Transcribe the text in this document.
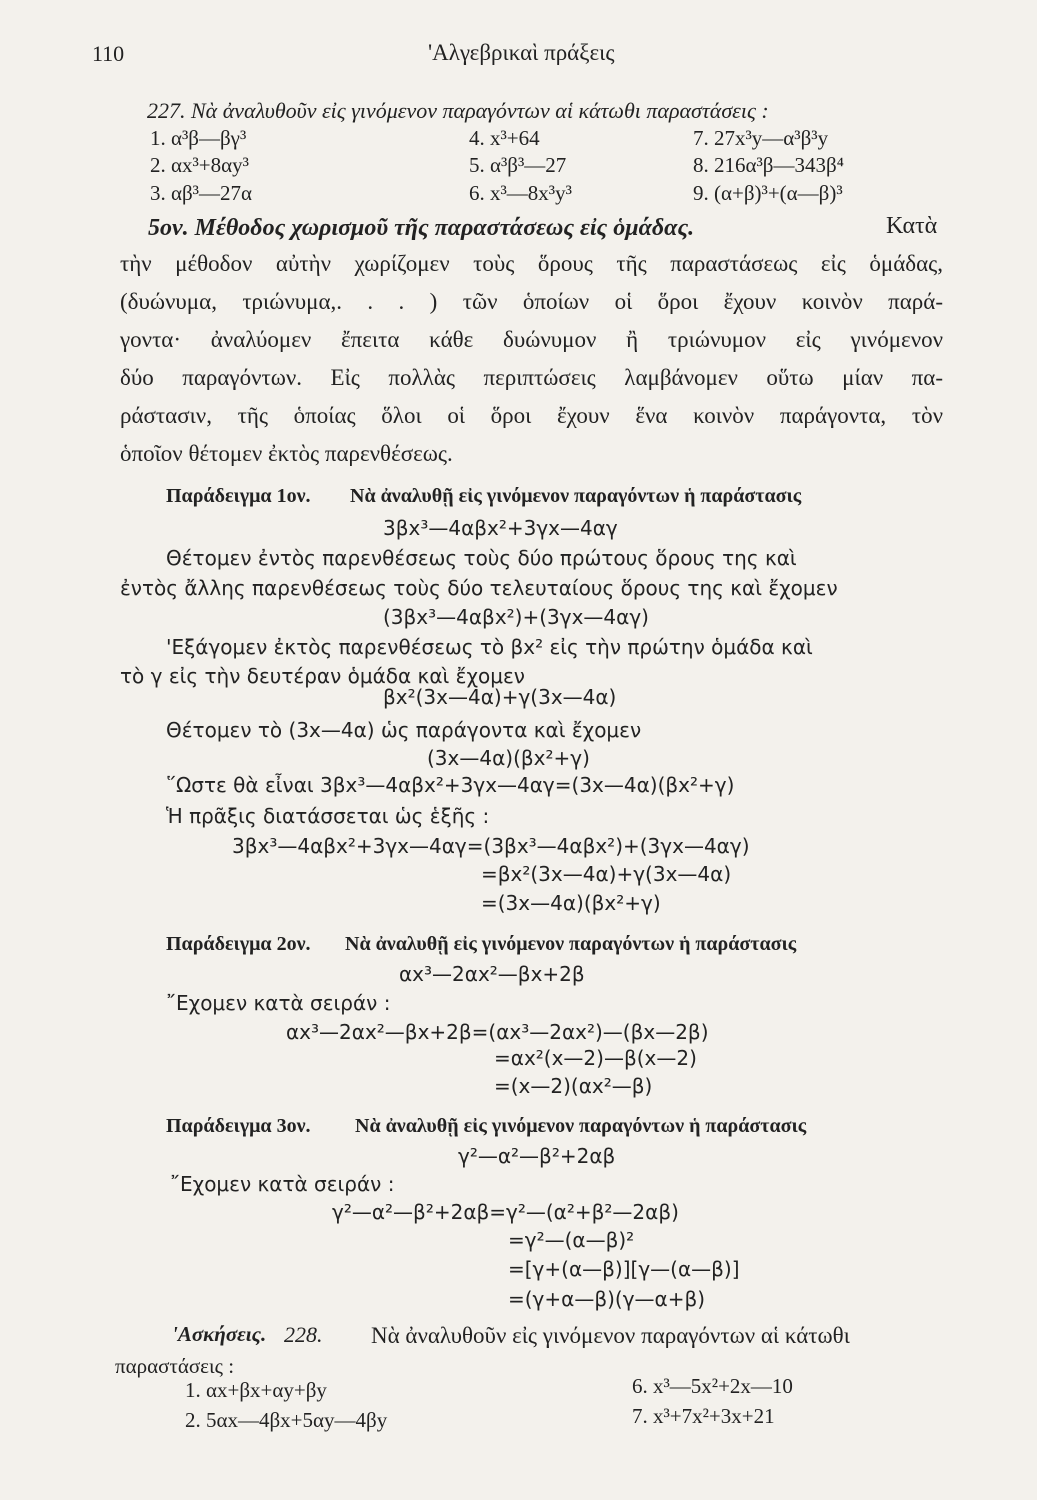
110	'Αλγεβρικαὶ πράξεις
227. Νὰ ἀναλυθοῦν εἰς γινόμενον παραγόντων αἱ κάτωθι παραστάσεις :
1. α³β—βγ³	4. x³+64	7. 27x³y—α³β³y
2. αx³+8αy³	5. α³β³—27	8. 216α³β—343β⁴
3. αβ³—27α	6. x³—8x³y³	9. (α+β)³+(α—β)³
5ον. Μέθοδος χωρισμοῦ τῆς παραστάσεως εἰς ὁμάδας.	Κατὰ
τὴν μέθοδον αὐτὴν χωρίζομεν τοὺς ὅρους τῆς παραστάσεως εἰς ὁμάδας,
(δυώνυμα, τριώνυμα,. . . ) τῶν ὁποίων οἱ ὅροι ἔχουν κοινὸν παρά-
γοντα· ἀναλύομεν ἔπειτα κάθε δυώνυμον ἢ τριώνυμον εἰς γινόμενον
δύο παραγόντων. Εἰς πολλὰς περιπτώσεις λαμβάνομεν οὕτω μίαν πα-
ράστασιν, τῆς ὁποίας ὅλοι οἱ ὅροι ἔχουν ἕνα κοινὸν παράγοντα, τὸν
ὁποῖον θέτομεν ἐκτὸς παρενθέσεως.
Παράδειγμα 1ον. Νὰ ἀναλυθῇ εἰς γινόμενον παραγόντων ἡ παράστασις
3βx³—4αβx²+3γx—4αγ
Θέτομεν ἐντὸς παρενθέσεως τοὺς δύο πρώτους ὅρους της καὶ
ἐντὸς ἄλλης παρενθέσεως τοὺς δύο τελευταίους ὅρους της καὶ ἔχομεν
(3βx³—4αβx²)+(3γx—4αγ)
'Εξάγομεν ἐκτὸς παρενθέσεως τὸ βx² εἰς τὴν πρώτην ὁμάδα καὶ
τὸ γ εἰς τὴν δευτέραν ὁμάδα καὶ ἔχομεν
βx²(3x—4α)+γ(3x—4α)
Θέτομεν τὸ (3x—4α) ὡς παράγοντα καὶ ἔχομεν
(3x—4α)(βx²+γ)
῞Ωστε θὰ εἶναι 3βx³—4αβx²+3γx—4αγ=(3x—4α)(βx²+γ)
Ἡ πρᾶξις διατάσσεται ὡς ἑξῆς :
3βx³—4αβx²+3γx—4αγ=(3βx³—4αβx²)+(3γx—4αγ)
=βx²(3x—4α)+γ(3x—4α)
=(3x—4α)(βx²+γ)
Παράδειγμα 2ον. Νὰ ἀναλυθῇ εἰς γινόμενον παραγόντων ἡ παράστασις
αx³—2αx²—βx+2β
῎Εχομεν κατὰ σειράν :
αx³—2αx²—βx+2β=(αx³—2αx²)—(βx—2β)
=αx²(x—2)—β(x—2)
=(x—2)(αx²—β)
Παράδειγμα 3ον. Νὰ ἀναλυθῇ εἰς γινόμενον παραγόντων ἡ παράστασις
γ²—α²—β²+2αβ
῎Εχομεν κατὰ σειράν :
γ²—α²—β²+2αβ=γ²—(α²+β²—2αβ)
=γ²—(α—β)²
=[γ+(α—β)][γ—(α—β)]
=(γ+α—β)(γ—α+β)
'Ασκήσεις. 228. Νὰ ἀναλυθοῦν εἰς γινόμενον παραγόντων αἱ κάτωθι
παραστάσεις :
1. αx+βx+αy+βy	6. x³—5x²+2x—10
2. 5αx—4βx+5αy—4βy	7. x³+7x²+3x+21
